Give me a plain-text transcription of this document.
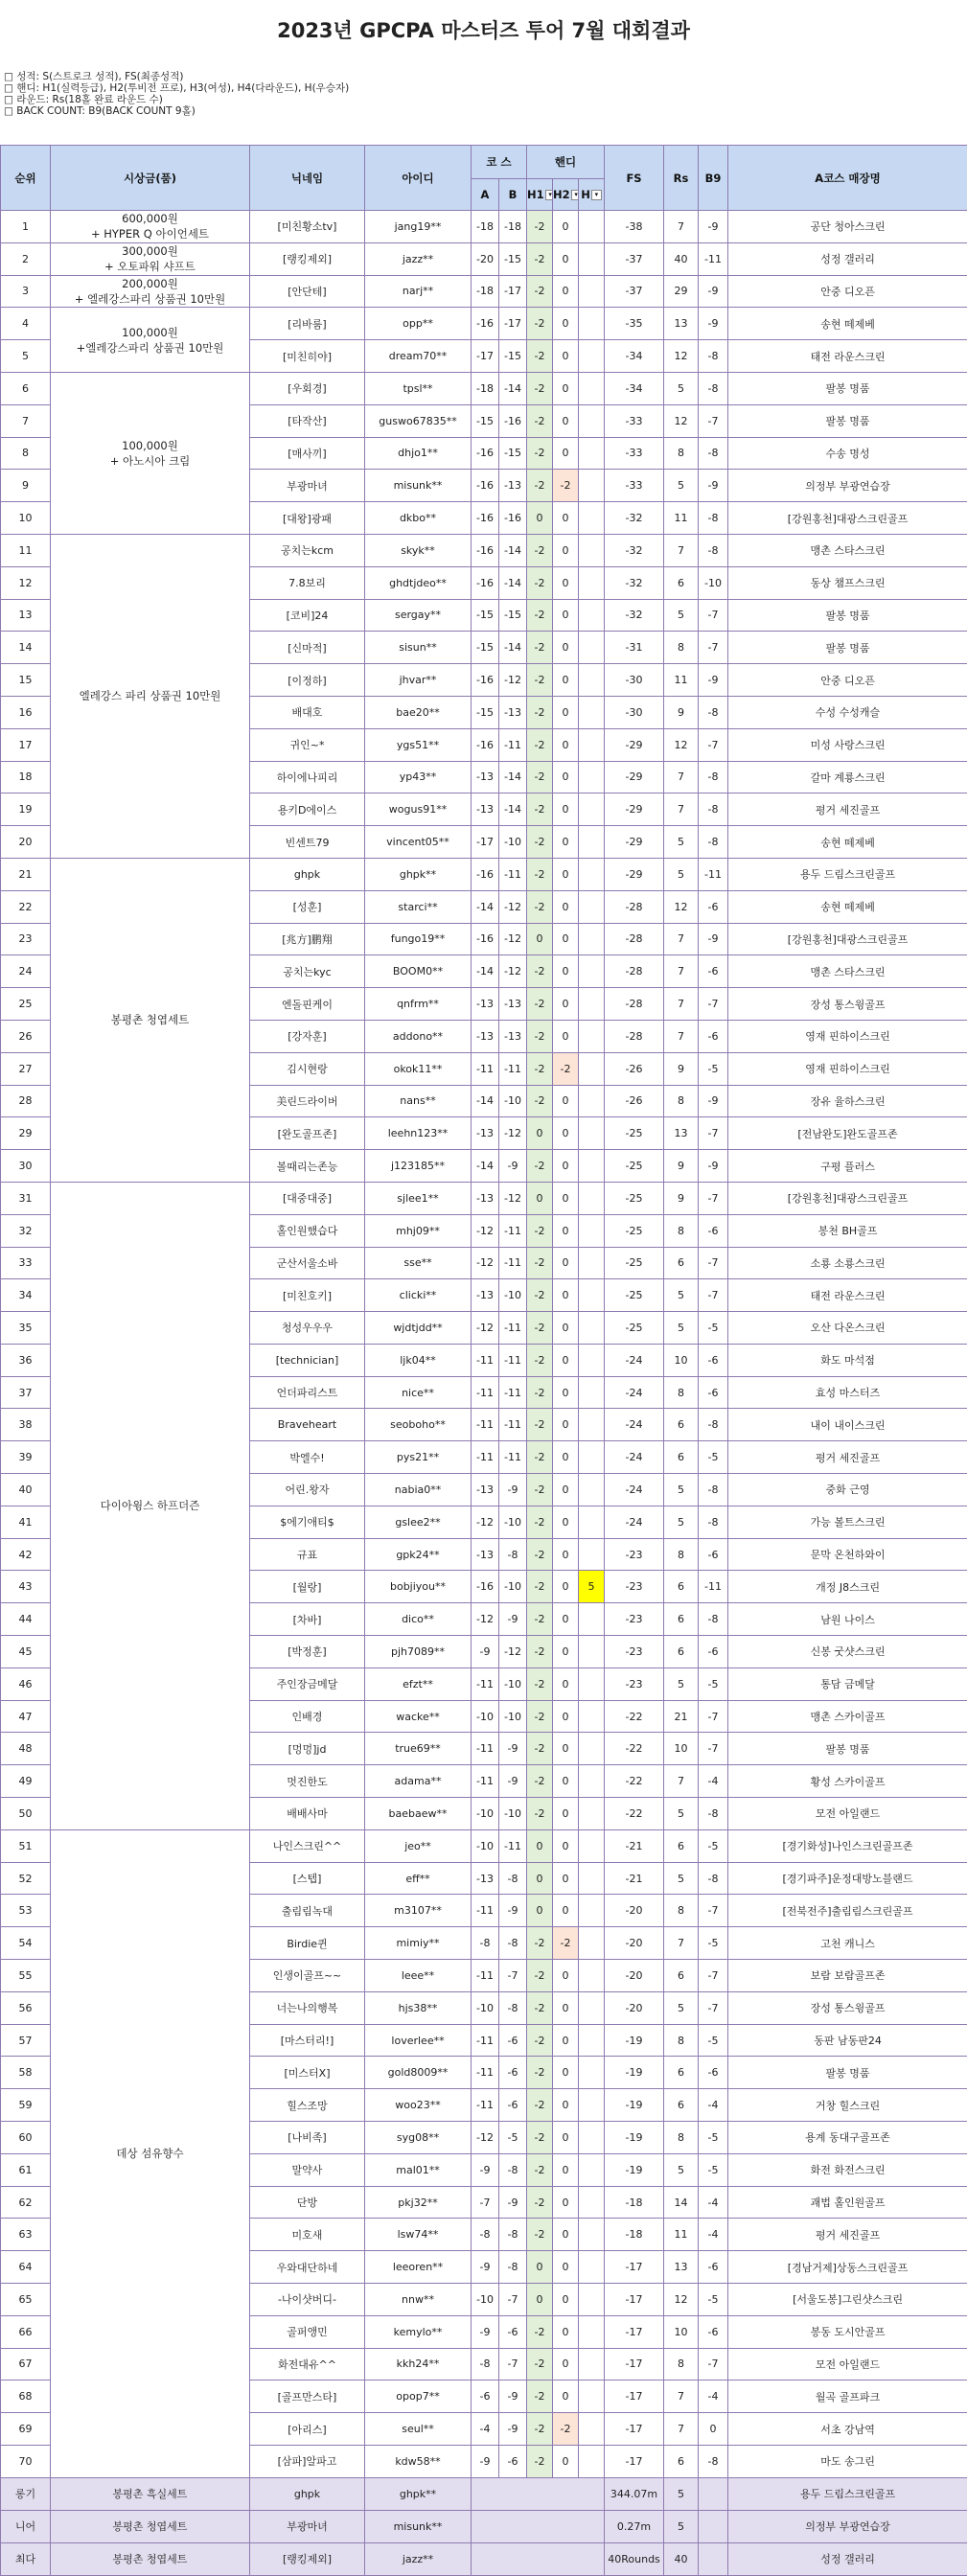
2023년 GPCPA 마스터즈 투어 7월 대회결과
□ 성적: S(스트로크 성적), FS(최종성적)
□ 핸디: H1(실력등급), H2(투비전 프로), H3(여성), H4(다라운드), H(우승자)
□ 라운드: Rs(18홀 완료 라운드 수)
□ BACK COUNT: B9(BACK COUNT 9홀)
순위	시상금(품)	닉네임	아이디	코 스		핸디			FS	Rs	B9	A코스 매장명
				A	B	H1 ▾	H2 ▾	H ▾				
1	600,000원
+ HYPER Q 아이언세트	[미친황소tv]	jang19**	-18	-18	-2	0		-38	7	-9	공단 청아스크린
2	300,000원
+ 오토파워 샤프트	[랭킹제외]	jazz**	-20	-15	-2	0		-37	40	-11	성정 갤러리
3	200,000원
+ 엘레강스파리 상품권 10만원	[안단테]	narj**	-18	-17	-2	0		-37	29	-9	안중 디오픈
4	100,000원
+엘레강스파리 상품권 10만원	[리바룸]	opp**	-16	-17	-2	0		-35	13	-9	송현 떼제베
5		[미친히야]	dream70**	-17	-15	-2	0		-34	12	-8	태전 라운스크린
6	100,000원
+ 아노시아 크림	[우회경]	tpsl**	-18	-14	-2	0		-34	5	-8	팔봉 명품
7		[타작산]	guswo67835**	-15	-16	-2	0		-33	12	-7	팔봉 명품
8		[매사끼]	dhjo1**	-16	-15	-2	0		-33	8	-8	수송 명성
9		부광마녀	misunk**	-16	-13	-2	-2		-33	5	-9	의정부 부광연습장
10		[대왕]광패	dkbo**	-16	-16	0	0		-32	11	-8	[강원홍천]대광스크린골프
11	엘레강스 파리 상품권 10만원	공치는kcm	skyk**	-16	-14	-2	0		-32	7	-8	맹촌 스타스크린
12		7.8보리	ghdtjdeo**	-16	-14	-2	0		-32	6	-10	동상 챔프스크린
13		[코비]24	sergay**	-15	-15	-2	0		-32	5	-7	팔봉 명품
14		[신마적]	sisun**	-15	-14	-2	0		-31	8	-7	팔봉 명품
15		[이정하]	jhvar**	-16	-12	-2	0		-30	11	-9	안중 디오픈
16		배대호	bae20**	-15	-13	-2	0		-30	9	-8	수성 수성캐슬
17		귀인~*	ygs51**	-16	-11	-2	0		-29	12	-7	미성 사랑스크린
18		하이에나피리	yp43**	-13	-14	-2	0		-29	7	-8	갈마 계룡스크린
19		용키D에이스	wogus91**	-13	-14	-2	0		-29	7	-8	평거 세진골프
20		빈센트79	vincent05**	-17	-10	-2	0		-29	5	-8	송현 떼제베
21	봉평촌 청엽세트	ghpk	ghpk**	-16	-11	-2	0		-29	5	-11	용두 드림스크린골프
22		[성훈]	starci**	-14	-12	-2	0		-28	12	-6	송현 떼제베
23		[兆方]鹏翔	fungo19**	-16	-12	0	0		-28	7	-9	[강원홍천]대광스크린골프
24		공치는kyc	BOOM0**	-14	-12	-2	0		-28	7	-6	맹촌 스타스크린
25		엔돌핀케이	qnfrm**	-13	-13	-2	0		-28	7	-7	장성 통스윙골프
26		[강자훈]	addono**	-13	-13	-2	0		-28	7	-6	영재 핀하이스크린
27		김시현랑	okok11**	-11	-11	-2	-2		-26	9	-5	영재 핀하이스크린
28		美린드라이버	nans**	-14	-10	-2	0		-26	8	-9	장유 율하스크린
29		[완도골프존]	leehn123**	-13	-12	0	0		-25	13	-7	[전남완도]완도골프존
30		볼때리는존능	j123185**	-14	-9	-2	0		-25	9	-9	구평 플러스
31	다이아윙스 하프더즌	[대중대중]	sjlee1**	-13	-12	0	0		-25	9	-7	[강원홍천]대광스크린골프
32		홀인원했습다	mhj09**	-12	-11	-2	0		-25	8	-6	봉천 BH골프
33		군산서울소바	sse**	-12	-11	-2	0		-25	6	-7	소룡 소룡스크린
34		[미친호키]	clicki**	-13	-10	-2	0		-25	5	-7	태전 라운스크린
35		청성우우우	wjdtjdd**	-12	-11	-2	0		-25	5	-5	오산 다온스크린
36		[technician]	ljk04**	-11	-11	-2	0		-24	10	-6	화도 마석점
37		언더파리스트	nice**	-11	-11	-2	0		-24	8	-6	효성 마스터즈
38		Braveheart	seoboho**	-11	-11	-2	0		-24	6	-8	내이 내이스크린
39		박엘수!	pys21**	-11	-11	-2	0		-24	6	-5	평거 세진골프
40		어린.왕자	nabia0**	-13	-9	-2	0		-24	5	-8	중화 근영
41		$에기애티$	gslee2**	-12	-10	-2	0		-24	5	-8	가능 볼트스크린
42		규표	gpk24**	-13	-8	-2	0		-23	8	-6	문막 온천하와이
43		[월랑]	bobjiyou**	-16	-10	-2	0	5	-23	6	-11	개정 J8스크린
44		[차바]	dico**	-12	-9	-2	0		-23	6	-8	남원 나이스
45		[박정훈]	pjh7089**	-9	-12	-2	0		-23	6	-6	신봉 굿샷스크린
46		주인장금메달	efzt**	-11	-10	-2	0		-23	5	-5	통담 금메달
47		인배경	wacke**	-10	-10	-2	0		-22	21	-7	맹촌 스카이골프
48		[멍멍]jd	true69**	-11	-9	-2	0		-22	10	-7	팔봉 명품
49		멋진한도	adama**	-11	-9	-2	0		-22	7	-4	황성 스카이골프
50		배배사마	baebaew**	-10	-10	-2	0		-22	5	-8	모전 아일랜드
51	데상 섬유향수	나인스크린^^	jeo**	-10	-11	0	0		-21	6	-5	[경기화성]나인스크린골프존
52		[스텝]	eff**	-13	-8	0	0		-21	5	-8	[경기파주]운정대방노블랜드
53		출림림녹대	m3107**	-11	-9	0	0		-20	8	-7	[전북전주]출림림스크린골프
54		Birdie퀸	mimiy**	-8	-8	-2	-2		-20	7	-5	고천 캐니스
55		인생이골프~~	leee**	-11	-7	-2	0		-20	6	-7	보람 보람골프존
56		너는나의행복	hjs38**	-10	-8	-2	0		-20	5	-7	장성 통스윙골프
57		[마스터리!]	loverlee**	-11	-6	-2	0		-19	8	-5	동판 남동판24
58		[미스터X]	gold8009**	-11	-6	-2	0		-19	6	-6	팔봉 명품
59		힐스조망	woo23**	-11	-6	-2	0		-19	6	-4	거창 힐스크린
60		[나비족]	syg08**	-12	-5	-2	0		-19	8	-5	용계 동대구골프존
61		말약사	mal01**	-9	-8	-2	0		-19	5	-5	화전 화전스크린
62		단방	pkj32**	-7	-9	-2	0		-18	14	-4	괘법 홀인원골프
63		미호새	lsw74**	-8	-8	-2	0		-18	11	-4	평거 세진골프
64		우와대단하네	leeoren**	-9	-8	0	0		-17	13	-6	[경남거제]상동스크린골프
65		-나이샷버디-	nnw**	-10	-7	0	0		-17	12	-5	[서울도봉]그린샷스크린
66		골퍼앵민	kemylo**	-9	-6	-2	0		-17	10	-6	봉동 도시안골프
67		화전대유^^	kkh24**	-8	-7	-2	0		-17	8	-7	모전 아일랜드
68		[골프만스타]	opop7**	-6	-9	-2	0		-17	7	-4	월곡 골프파크
69		[아리스]	seul**	-4	-9	-2	-2		-17	7	0	서초 강남역
70		[삼파]알파고	kdw58**	-9	-6	-2	0		-17	6	-8	마도 송그린
롱기	봉평촌 흑실세트	ghpk	ghpk**						344.07m	5		용두 드림스크린골프
니어	봉평촌 청엽세트	부광마녀	misunk**						0.27m	5		의정부 부광연습장
최다	봉평촌 청엽세트	[랭킹제외]	jazz**						40Rounds	40		성정 갤러리
